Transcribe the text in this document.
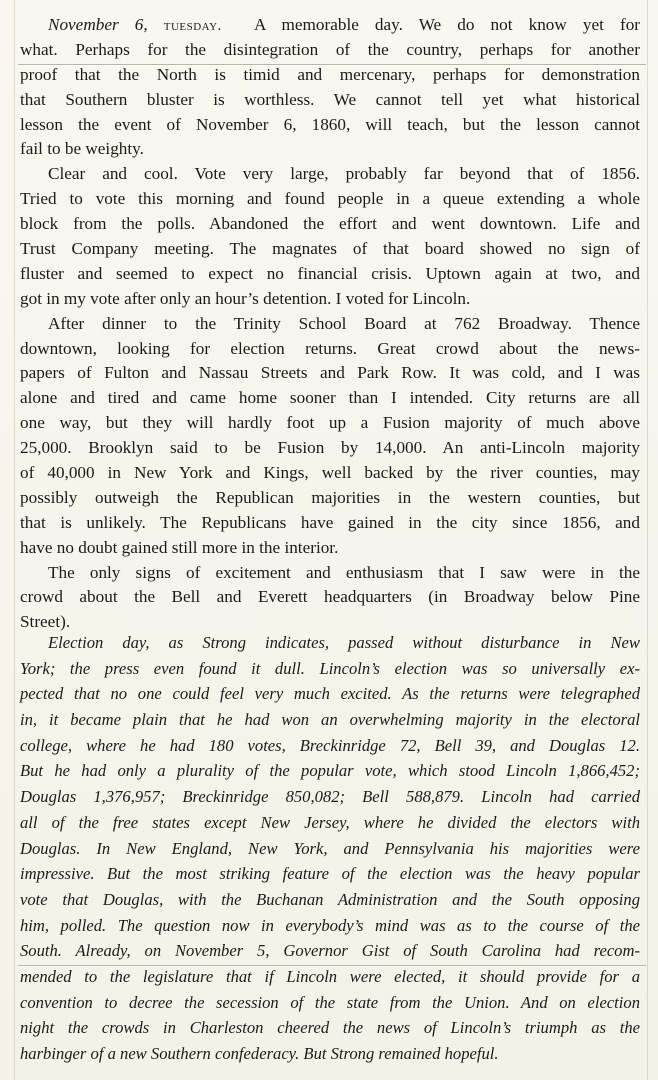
November 6, tuesday. A memorable day. We do not know yet for
what. Perhaps for the disintegration of the country, perhaps for another
proof that the North is timid and mercenary, perhaps for demonstration
that Southern bluster is worthless. We cannot tell yet what historical
lesson the event of November 6, 1860, will teach, but the lesson cannot
fail to be weighty.
Clear and cool. Vote very large, probably far beyond that of 1856.
Tried to vote this morning and found people in a queue extending a whole
block from the polls. Abandoned the effort and went downtown. Life and
Trust Company meeting. The magnates of that board showed no sign of
fluster and seemed to expect no financial crisis. Uptown again at two, and
got in my vote after only an hour’s detention. I voted for Lincoln.
After dinner to the Trinity School Board at 762 Broadway. Thence
downtown, looking for election returns. Great crowd about the news-
papers of Fulton and Nassau Streets and Park Row. It was cold, and I was
alone and tired and came home sooner than I intended. City returns are all
one way, but they will hardly foot up a Fusion majority of much above
25,000. Brooklyn said to be Fusion by 14,000. An anti-Lincoln majority
of 40,000 in New York and Kings, well backed by the river counties, may
possibly outweigh the Republican majorities in the western counties, but
that is unlikely. The Republicans have gained in the city since 1856, and
have no doubt gained still more in the interior.
The only signs of excitement and enthusiasm that I saw were in the
crowd about the Bell and Everett headquarters (in Broadway below Pine
Street).
Election day, as Strong indicates, passed without disturbance in New
York; the press even found it dull. Lincoln’s election was so universally ex-
pected that no one could feel very much excited. As the returns were telegraphed
in, it became plain that he had won an overwhelming majority in the electoral
college, where he had 180 votes, Breckinridge 72, Bell 39, and Douglas 12.
But he had only a plurality of the popular vote, which stood Lincoln 1,866,452;
Douglas 1,376,957; Breckinridge 850,082; Bell 588,879. Lincoln had carried
all of the free states except New Jersey, where he divided the electors with
Douglas. In New England, New York, and Pennsylvania his majorities were
impressive. But the most striking feature of the election was the heavy popular
vote that Douglas, with the Buchanan Administration and the South opposing
him, polled. The question now in everybody’s mind was as to the course of the
South. Already, on November 5, Governor Gist of South Carolina had recom-
mended to the legislature that if Lincoln were elected, it should provide for a
convention to decree the secession of the state from the Union. And on election
night the crowds in Charleston cheered the news of Lincoln’s triumph as the
harbinger of a new Southern confederacy. But Strong remained hopeful.
